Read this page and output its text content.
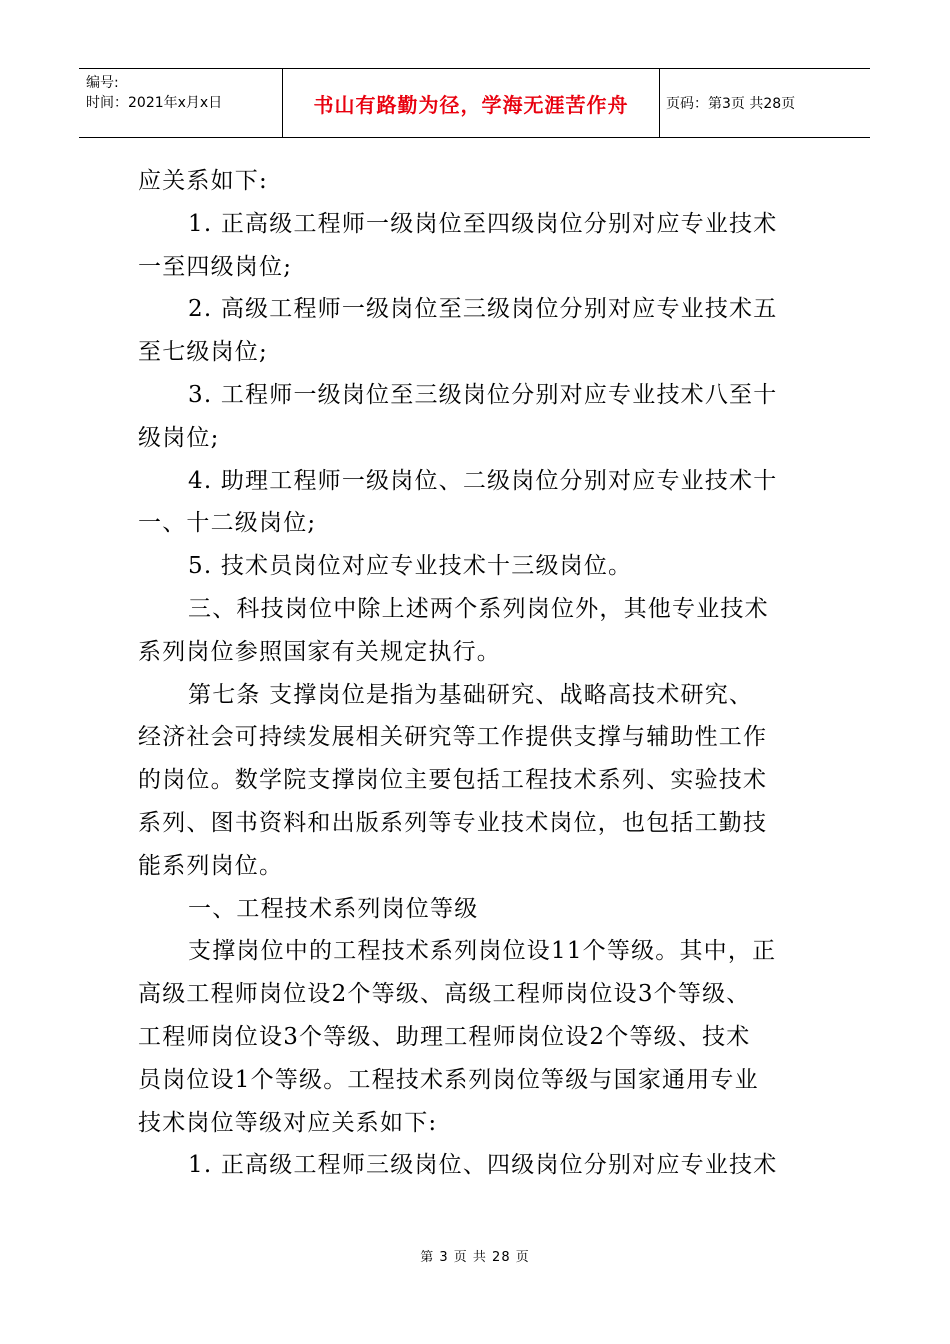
编号:
时间：2021年x月x日	书山有路勤为径，学海无涯苦作舟	页码：第3页 共28页
应关系如下:
1. 正高级工程师一级岗位至四级岗位分别对应专业技术
一至四级岗位;
2. 高级工程师一级岗位至三级岗位分别对应专业技术五
至七级岗位;
3. 工程师一级岗位至三级岗位分别对应专业技术八至十
级岗位;
4. 助理工程师一级岗位、二级岗位分别对应专业技术十
一、十二级岗位;
5. 技术员岗位对应专业技术十三级岗位。
三、科技岗位中除上述两个系列岗位外，其他专业技术
系列岗位参照国家有关规定执行。
第七条 支撑岗位是指为基础研究、战略高技术研究、
经济社会可持续发展相关研究等工作提供支撑与辅助性工作
的岗位。数学院支撑岗位主要包括工程技术系列、实验技术
系列、图书资料和出版系列等专业技术岗位，也包括工勤技
能系列岗位。
一、工程技术系列岗位等级
支撑岗位中的工程技术系列岗位设11个等级。其中，正
高级工程师岗位设2个等级、高级工程师岗位设3个等级、
工程师岗位设3个等级、助理工程师岗位设2个等级、技术
员岗位设1个等级。工程技术系列岗位等级与国家通用专业
技术岗位等级对应关系如下:
1. 正高级工程师三级岗位、四级岗位分别对应专业技术
第 3 页 共 28 页
